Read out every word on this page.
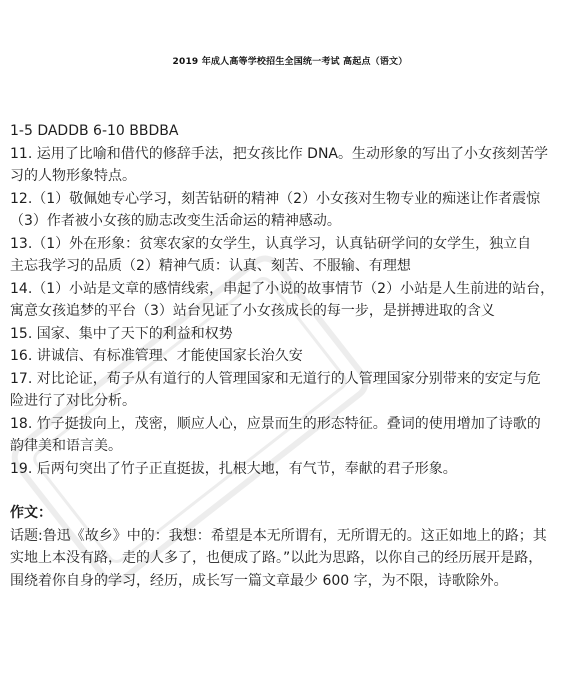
2019 年成人高等学校招生全国统一考试 高起点（语文）
1-5 DADDB 6-10 BBDBA
11. 运用了比喻和借代的修辞手法，把女孩比作 DNA。生动形象的写出了小女孩刻苦学
习的人物形象特点。
12.（1）敬佩她专心学习，刻苦钻研的精神（2）小女孩对生物专业的痴迷让作者震惊
（3）作者被小女孩的励志改变生活命运的精神感动。
13.（1）外在形象：贫寒农家的女学生，认真学习，认真钻研学问的女学生，独立自
主忘我学习的品质（2）精神气质：认真、刻苦、不服输、有理想
14.（1）小站是文章的感情线索，串起了小说的故事情节（2）小站是人生前进的站台，
寓意女孩追梦的平台（3）站台见证了小女孩成长的每一步，是拼搏进取的含义
15. 国家、集中了天下的利益和权势
16. 讲诚信、有标准管理、才能使国家长治久安
17. 对比论证，荀子从有道行的人管理国家和无道行的人管理国家分别带来的安定与危
险进行了对比分析。
18. 竹子挺拔向上，茂密，顺应人心，应景而生的形态特征。叠词的使用增加了诗歌的
韵律美和语言美。
19. 后两句突出了竹子正直挺拔，扎根大地，有气节，奉献的君子形象。
作文：
话题:鲁迅《故乡》中的：我想：希望是本无所谓有，无所谓无的。这正如地上的路；其
实地上本没有路，走的人多了，也便成了路。”以此为思路，以你自己的经历展开是路，
围绕着你自身的学习，经历，成长写一篇文章最少 600 字，为不限，诗歌除外。
